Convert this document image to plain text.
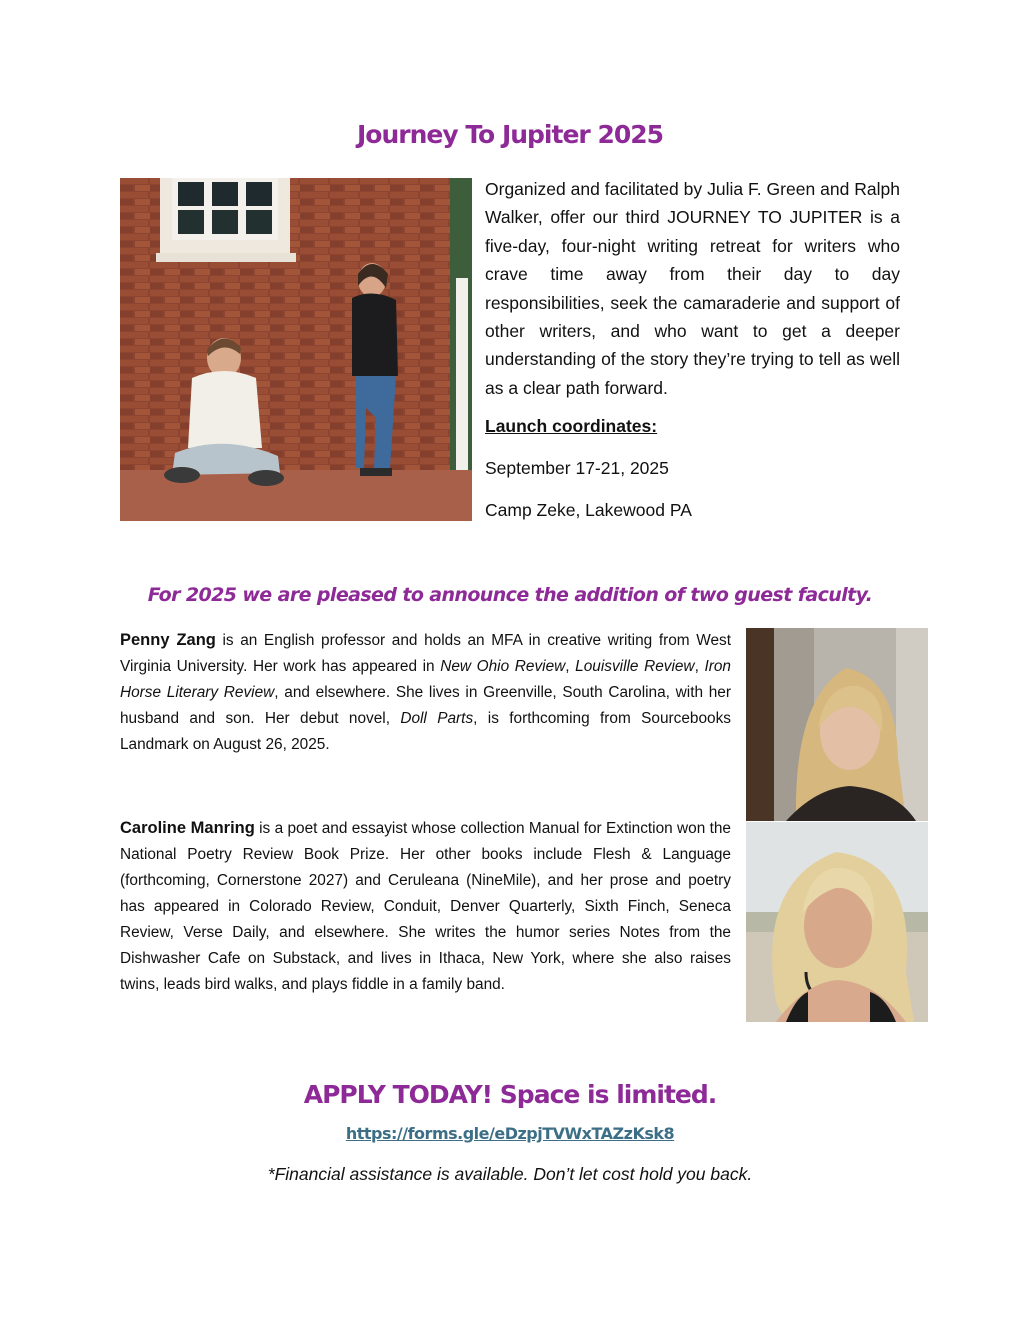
Journey To Jupiter 2025
Organized and facilitated by Julia F. Green and Ralph Walker, offer our third JOURNEY TO JUPITER is a five-day, four-night writing retreat for writers who crave time away from their day to day responsibilities, seek the camaraderie and support of other writers, and who want to get a deeper understanding of the story they’re trying to tell as well as a clear path forward.
Launch coordinates:
September 17-21, 2025
Camp Zeke, Lakewood PA
For 2025 we are pleased to announce the addition of two guest faculty.
Penny Zang is an English professor and holds an MFA in creative writing from West Virginia University. Her work has appeared in New Ohio Review, Louisville Review, Iron Horse Literary Review, and elsewhere. She lives in Greenville, South Carolina, with her husband and son. Her debut novel, Doll Parts, is forthcoming from Sourcebooks Landmark on August 26, 2025.
Caroline Manring is a poet and essayist whose collection Manual for Extinction won the National Poetry Review Book Prize. Her other books include Flesh & Language (forthcoming, Cornerstone 2027) and Ceruleana (NineMile), and her prose and poetry has appeared in Colorado Review, Conduit, Denver Quarterly, Sixth Finch, Seneca Review, Verse Daily, and elsewhere. She writes the humor series Notes from the Dishwasher Cafe on Substack, and lives in Ithaca, New York, where she also raises twins, leads bird walks, and plays fiddle in a family band.
APPLY TODAY! Space is limited.
https://forms.gle/eDzpjTVWxTAZzKsk8
*Financial assistance is available. Don’t let cost hold you back.
